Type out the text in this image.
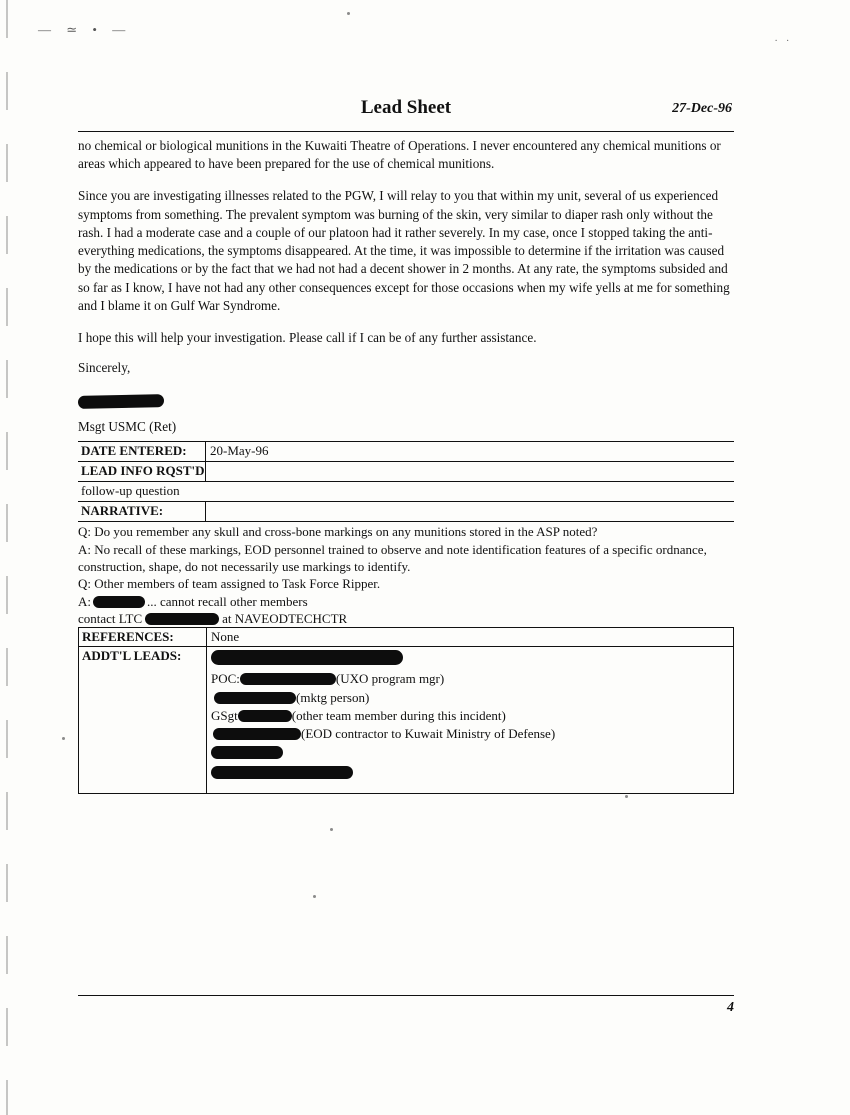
— ≃ • —
. .
Lead Sheet	27-Dec-96

no chemical or biological munitions in the Kuwaiti Theatre of Operations. I never encountered any chemical munitions or areas which appeared to have been prepared for the use of chemical munitions.

Since you are investigating illnesses related to the PGW, I will relay to you that within my unit, several of us experienced symptoms from something. The prevalent symptom was burning of the skin, very similar to diaper rash only without the rash. I had a moderate case and a couple of our platoon had it rather severely. In my case, once I stopped taking the anti-everything medications, the symptoms disappeared. At the time, it was impossible to determine if the irritation was caused by the medications or by the fact that we had not had a decent shower in 2 months. At any rate, the symptoms subsided and so far as I know, I have not had any other consequences except for those occasions when my wife yells at me for something and I blame it on Gulf War Syndrome.

I hope this will help your investigation. Please call if I can be of any further assistance.

Sincerely,

Msgt USMC (Ret)
DATE ENTERED:	20-May-96
LEAD INFO RQST'D
follow-up question
NARRATIVE:

Q: Do you remember any skull and cross-bone markings on any munitions stored in the ASP noted?

A: No recall of these markings, EOD personnel trained to observe and note identification features of a specific ordnance, construction, shape, do not necessarily use markings to identify.

Q: Other members of team assigned to Task Force Ripper.

A:	... cannot recall other members

contact LTC	at NAVEODTECHCTR

REFERENCES:	None
ADDT'L LEADS:
POC:	(UXO program mgr)
(mktg person)
GSgt	(other team member during this incident)
(EOD contractor to Kuwait Ministry of Defense)
4
